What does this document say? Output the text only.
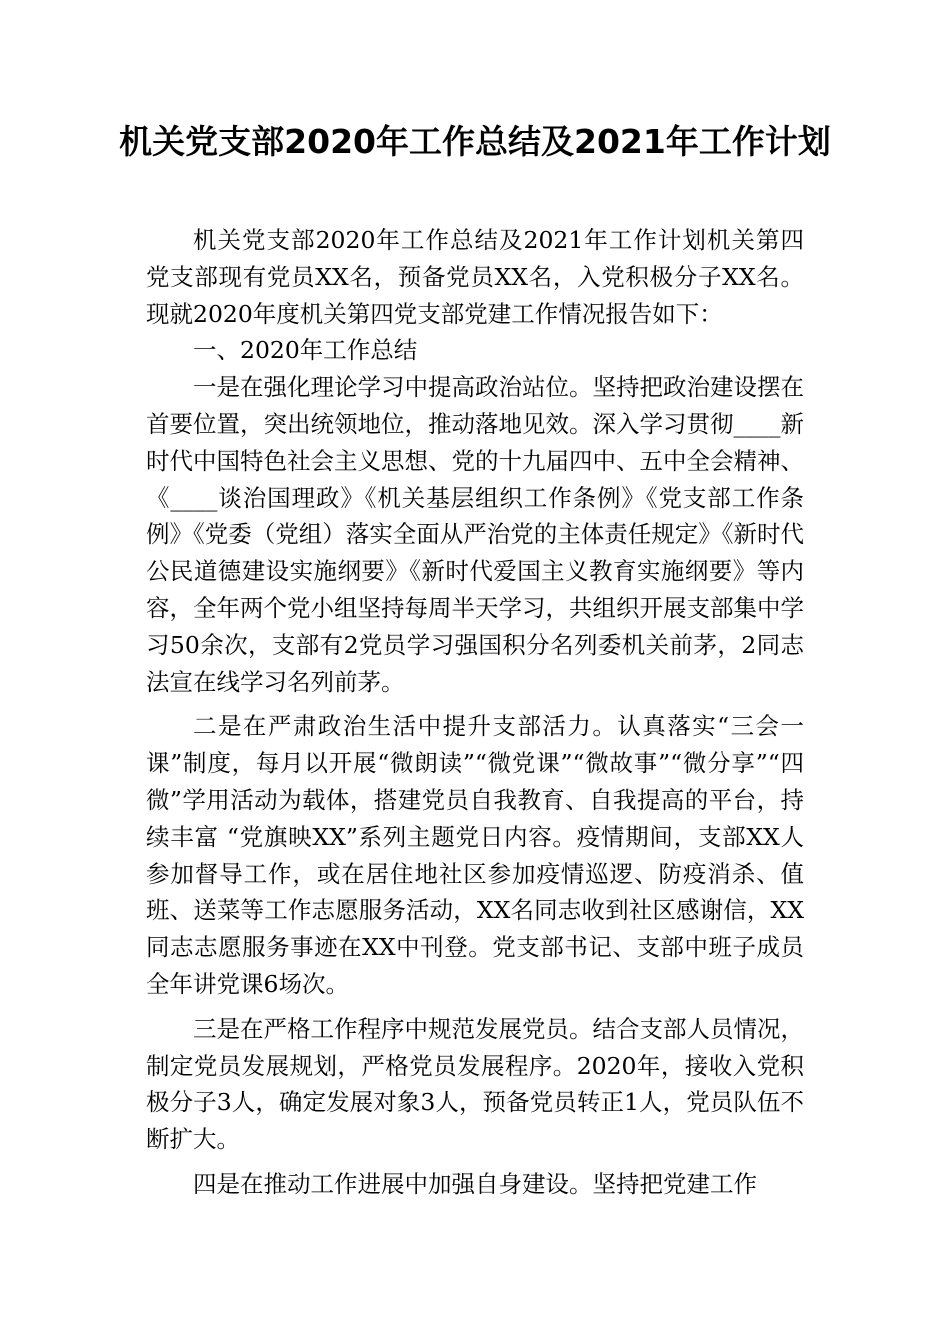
机关党支部2020年工作总结及2021年工作计划

机关党支部2020年工作总结及2021年工作计划机关第四党支部现有党员XX名，预备党员XX名，入党积极分子XX名。现就2020年度机关第四党支部党建工作情况报告如下：

一、2020年工作总结

一是在强化理论学习中提高政治站位。坚持把政治建设摆在首要位置，突出统领地位，推动落地见效。深入学习贯彻____新时代中国特色社会主义思想、党的十九届四中、五中全会精神、《____谈治国理政》《机关基层组织工作条例》《党支部工作条例》《党委（党组）落实全面从严治党的主体责任规定》《新时代公民道德建设实施纲要》《新时代爱国主义教育实施纲要》等内容，全年两个党小组坚持每周半天学习，共组织开展支部集中学习50余次，支部有2党员学习强国积分名列委机关前茅，2同志法宣在线学习名列前茅。

二是在严肃政治生活中提升支部活力。认真落实“三会一课”制度，每月以开展“微朗读”“微党课”“微故事”“微分享”“四微”学用活动为载体，搭建党员自我教育、自我提高的平台，持续丰富 “党旗映XX”系列主题党日内容。疫情期间，支部XX人参加督导工作，或在居住地社区参加疫情巡逻、防疫消杀、值班、送菜等工作志愿服务活动，XX名同志收到社区感谢信，XX同志志愿服务事迹在XX中刊登。党支部书记、支部中班子成员全年讲党课6场次。

三是在严格工作程序中规范发展党员。结合支部人员情况，制定党员发展规划，严格党员发展程序。2020年，接收入党积极分子3人，确定发展对象3人，预备党员转正1人，党员队伍不断扩大。

四是在推动工作进展中加强自身建设。坚持把党建工作
